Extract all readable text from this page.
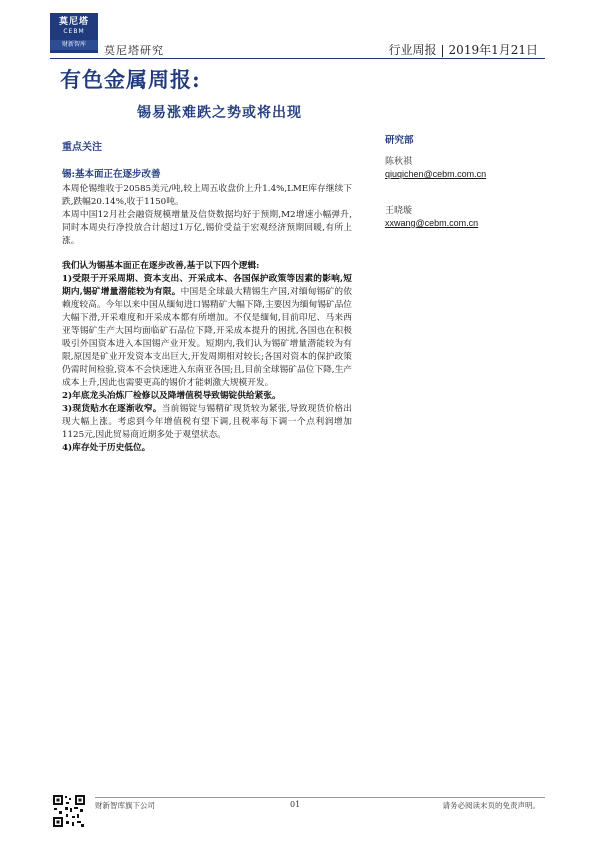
莫尼塔
CEBM
财新智库	莫尼塔研究	行业周报 | 2019年1月21日
有色金属周报:
锡易涨难跌之势或将出现
重点关注
锡:基本面正在逐步改善

本周伦锡维收于20585美元/吨,较上周五收盘价上升1.4%,LME库存继续下跌,跌幅20.14%,收于1150吨。

本周中国12月社会融资规模增量及信贷数据均好于预期,M2增速小幅弹升,同时本周央行净投放合计超过1万亿,锡价受益于宏观经济预期回暖,有所上涨。

我们认为锡基本面正在逐步改善,基于以下四个逻辑:

1)受限于开采周期、资本支出、开采成本、各国保护政策等因素的影响,短期内,锡矿增量潜能较为有限。中国是全球最大精锡生产国,对缅甸锡矿的依赖度较高。今年以来中国从缅甸进口锡精矿大幅下降,主要因为缅甸锡矿品位大幅下滑,开采难度和开采成本都有所增加。不仅是缅甸,目前印尼、马来西亚等锡矿生产大国均面临矿石品位下降,开采成本提升的困扰,各国也在积极吸引外国资本进入本国锡产业开发。短期内,我们认为锡矿增量潜能较为有限,原因是矿业开发资本支出巨大,开发周期相对较长;各国对资本的保护政策仍需时间检验,资本不会快速进入东南亚各国;且,目前全球锡矿品位下降,生产成本上升,因此也需要更高的锡价才能刺激大规模开发。

2)年底龙头冶炼厂检修以及降增值税导致锡锭供给紧张。

3)现货贴水在逐渐收窄。当前锡锭与锡精矿现货较为紧张,导致现货价格出现大幅上涨。考虑到今年增值税有望下调,且税率每下调一个点利润增加1125元,因此贸易商近期多处于观望状态。

4)库存处于历史低位。

研究部
陈秋祺
qiuqichen@cebm.com.cn
王晓璇
xxwang@cebm.com.cn
财新智库旗下公司	01	请务必阅读末页的免责声明。
